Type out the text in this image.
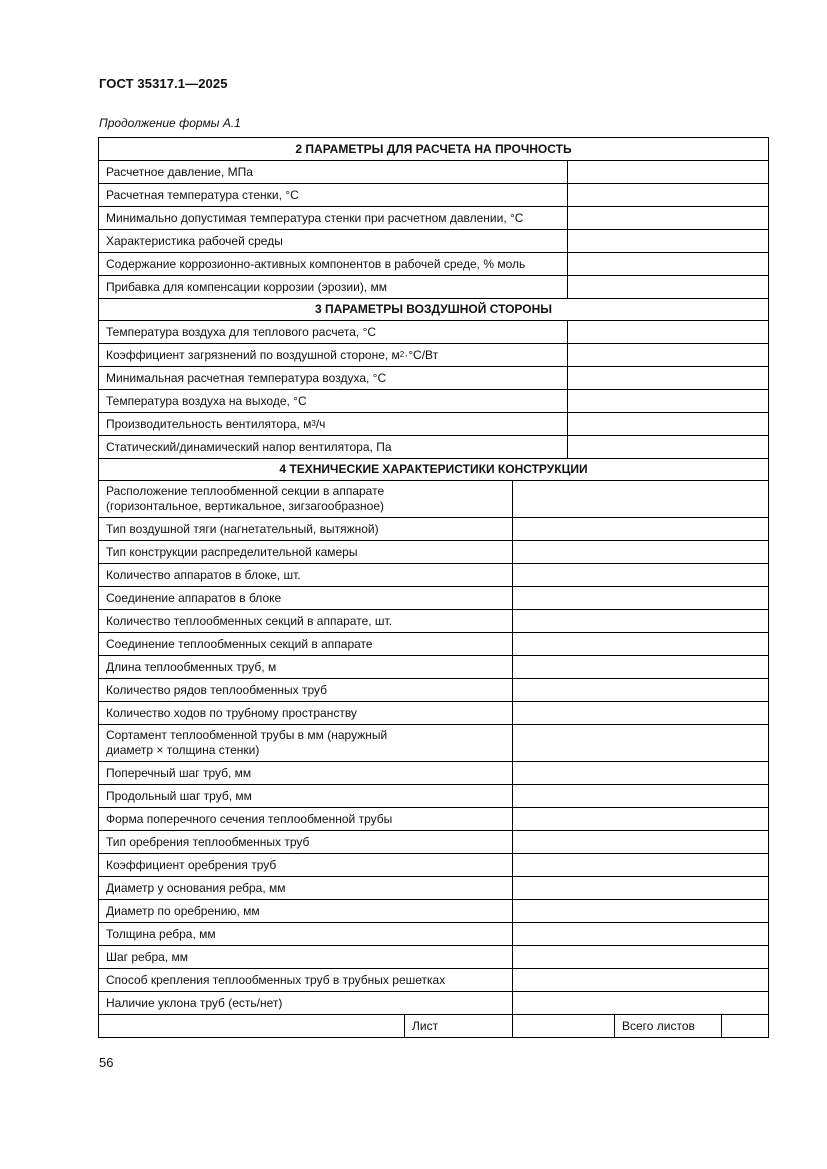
ГОСТ 35317.1—2025
Продолжение формы А.1
2 ПАРАМЕТРЫ ДЛЯ РАСЧЕТА НА ПРОЧНОСТЬ
Расчетное давление, МПа
Расчетная температура стенки, °С
Минимально допустимая температура стенки при расчетном давлении, °С
Характеристика рабочей среды
Содержание коррозионно-активных компонентов в рабочей среде, % моль
Прибавка для компенсации коррозии (эрозии), мм
3 ПАРАМЕТРЫ ВОЗДУШНОЙ СТОРОНЫ
Температура воздуха для теплового расчета, °С
Коэффициент загрязнений по воздушной стороне, м 2 ·°С/Вт
Минимальная расчетная температура воздуха, °С
Температура воздуха на выходе, °С
Производительность вентилятора, м 3 /ч
Статический/динамический напор вентилятора, Па
4 ТЕХНИЧЕСКИЕ ХАРАКТЕРИСТИКИ КОНСТРУКЦИИ
Расположение теплообменной секции в аппарате
(горизонтальное, вертикальное, зигзагообразное)
Тип воздушной тяги (нагнетательный, вытяжной)
Тип конструкции распределительной камеры
Количество аппаратов в блоке, шт.
Соединение аппаратов в блоке
Количество теплообменных секций в аппарате, шт.
Соединение теплообменных секций в аппарате
Длина теплообменных труб, м
Количество рядов теплообменных труб
Количество ходов по трубному пространству
Сортамент теплообменной трубы в мм (наружный
диаметр × толщина стенки)
Поперечный шаг труб, мм
Продольный шаг труб, мм
Форма поперечного сечения теплообменной трубы
Тип оребрения теплообменных труб
Коэффициент оребрения труб
Диаметр у основания ребра, мм
Диаметр по оребрению, мм
Толщина ребра, мм
Шаг ребра, мм
Способ крепления теплообменных труб в трубных решетках
Наличие уклона труб (есть/нет)
Лист	Всего листов
56
